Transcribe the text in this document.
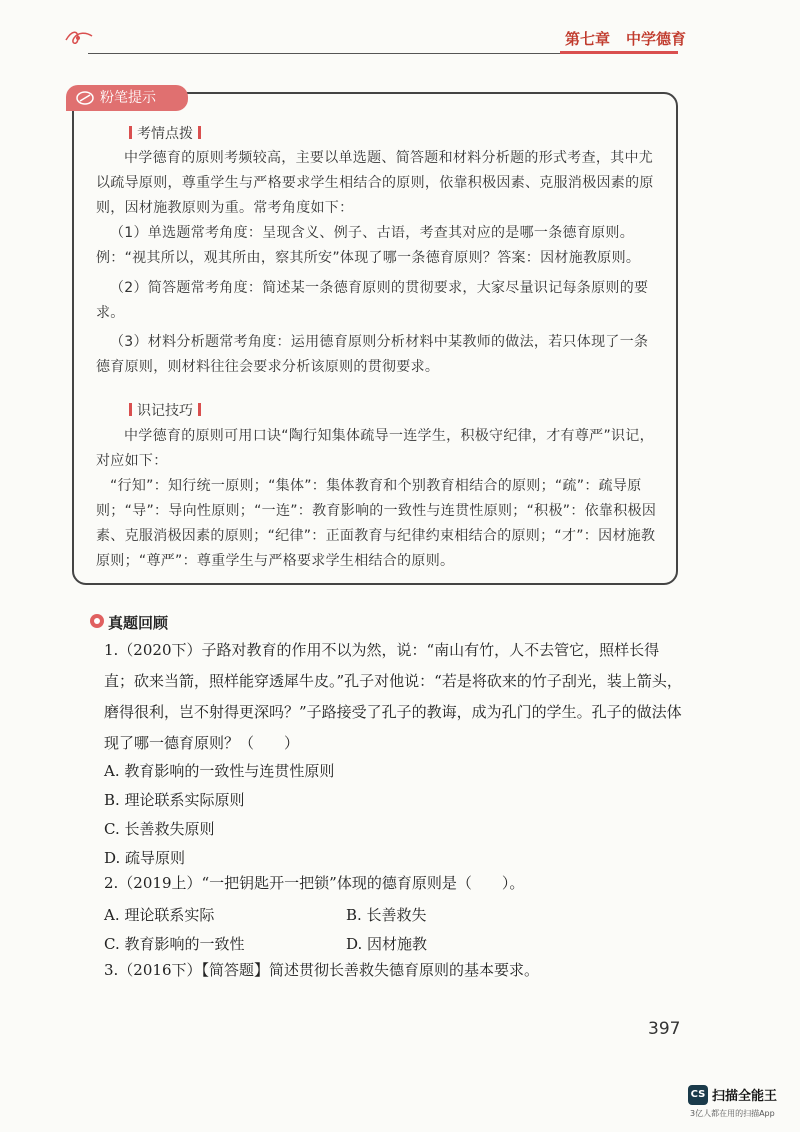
第七章 中学德育
粉笔提示
考情点拨
中学德育的原则考频较高，主要以单选题、简答题和材料分析题的形式考查，其中尤以疏导原则，尊重学生与严格要求学生相结合的原则，依靠积极因素、克服消极因素的原则，因材施教原则为重。常考角度如下：
（1）单选题常考角度：呈现含义、例子、古语，考查其对应的是哪一条德育原则。例：“视其所以，观其所由，察其所安”体现了哪一条德育原则？答案：因材施教原则。
（2）简答题常考角度：简述某一条德育原则的贯彻要求，大家尽量识记每条原则的要求。
（3）材料分析题常考角度：运用德育原则分析材料中某教师的做法，若只体现了一条德育原则，则材料往往会要求分析该原则的贯彻要求。
识记技巧
中学德育的原则可用口诀“陶行知集体疏导一连学生，积极守纪律，才有尊严”识记，对应如下：
“行知”：知行统一原则；“集体”：集体教育和个别教育相结合的原则；“疏”：疏导原则；“导”：导向性原则；“一连”：教育影响的一致性与连贯性原则；“积极”：依靠积极因素、克服消极因素的原则；“纪律”：正面教育与纪律约束相结合的原则；“才”：因材施教原则；“尊严”：尊重学生与严格要求学生相结合的原则。
真题回顾
1.（2020下）子路对教育的作用不以为然，说：“南山有竹，人不去管它，照样长得直；砍来当箭，照样能穿透犀牛皮。”孔子对他说：“若是将砍来的竹子刮光，装上箭头，磨得很利，岂不射得更深吗？”子路接受了孔子的教诲，成为孔门的学生。孔子的做法体现了哪一德育原则？（　　）
A. 教育影响的一致性与连贯性原则
B. 理论联系实际原则
C. 长善救失原则
D. 疏导原则
2.（2019上）“一把钥匙开一把锁”体现的德育原则是（　　）。
A. 理论联系实际	B. 长善救失
C. 教育影响的一致性	D. 因材施教
3.（2016下）【简答题】简述贯彻长善救失德育原则的基本要求。
397
CS 扫描全能王
3亿人都在用的扫描App
